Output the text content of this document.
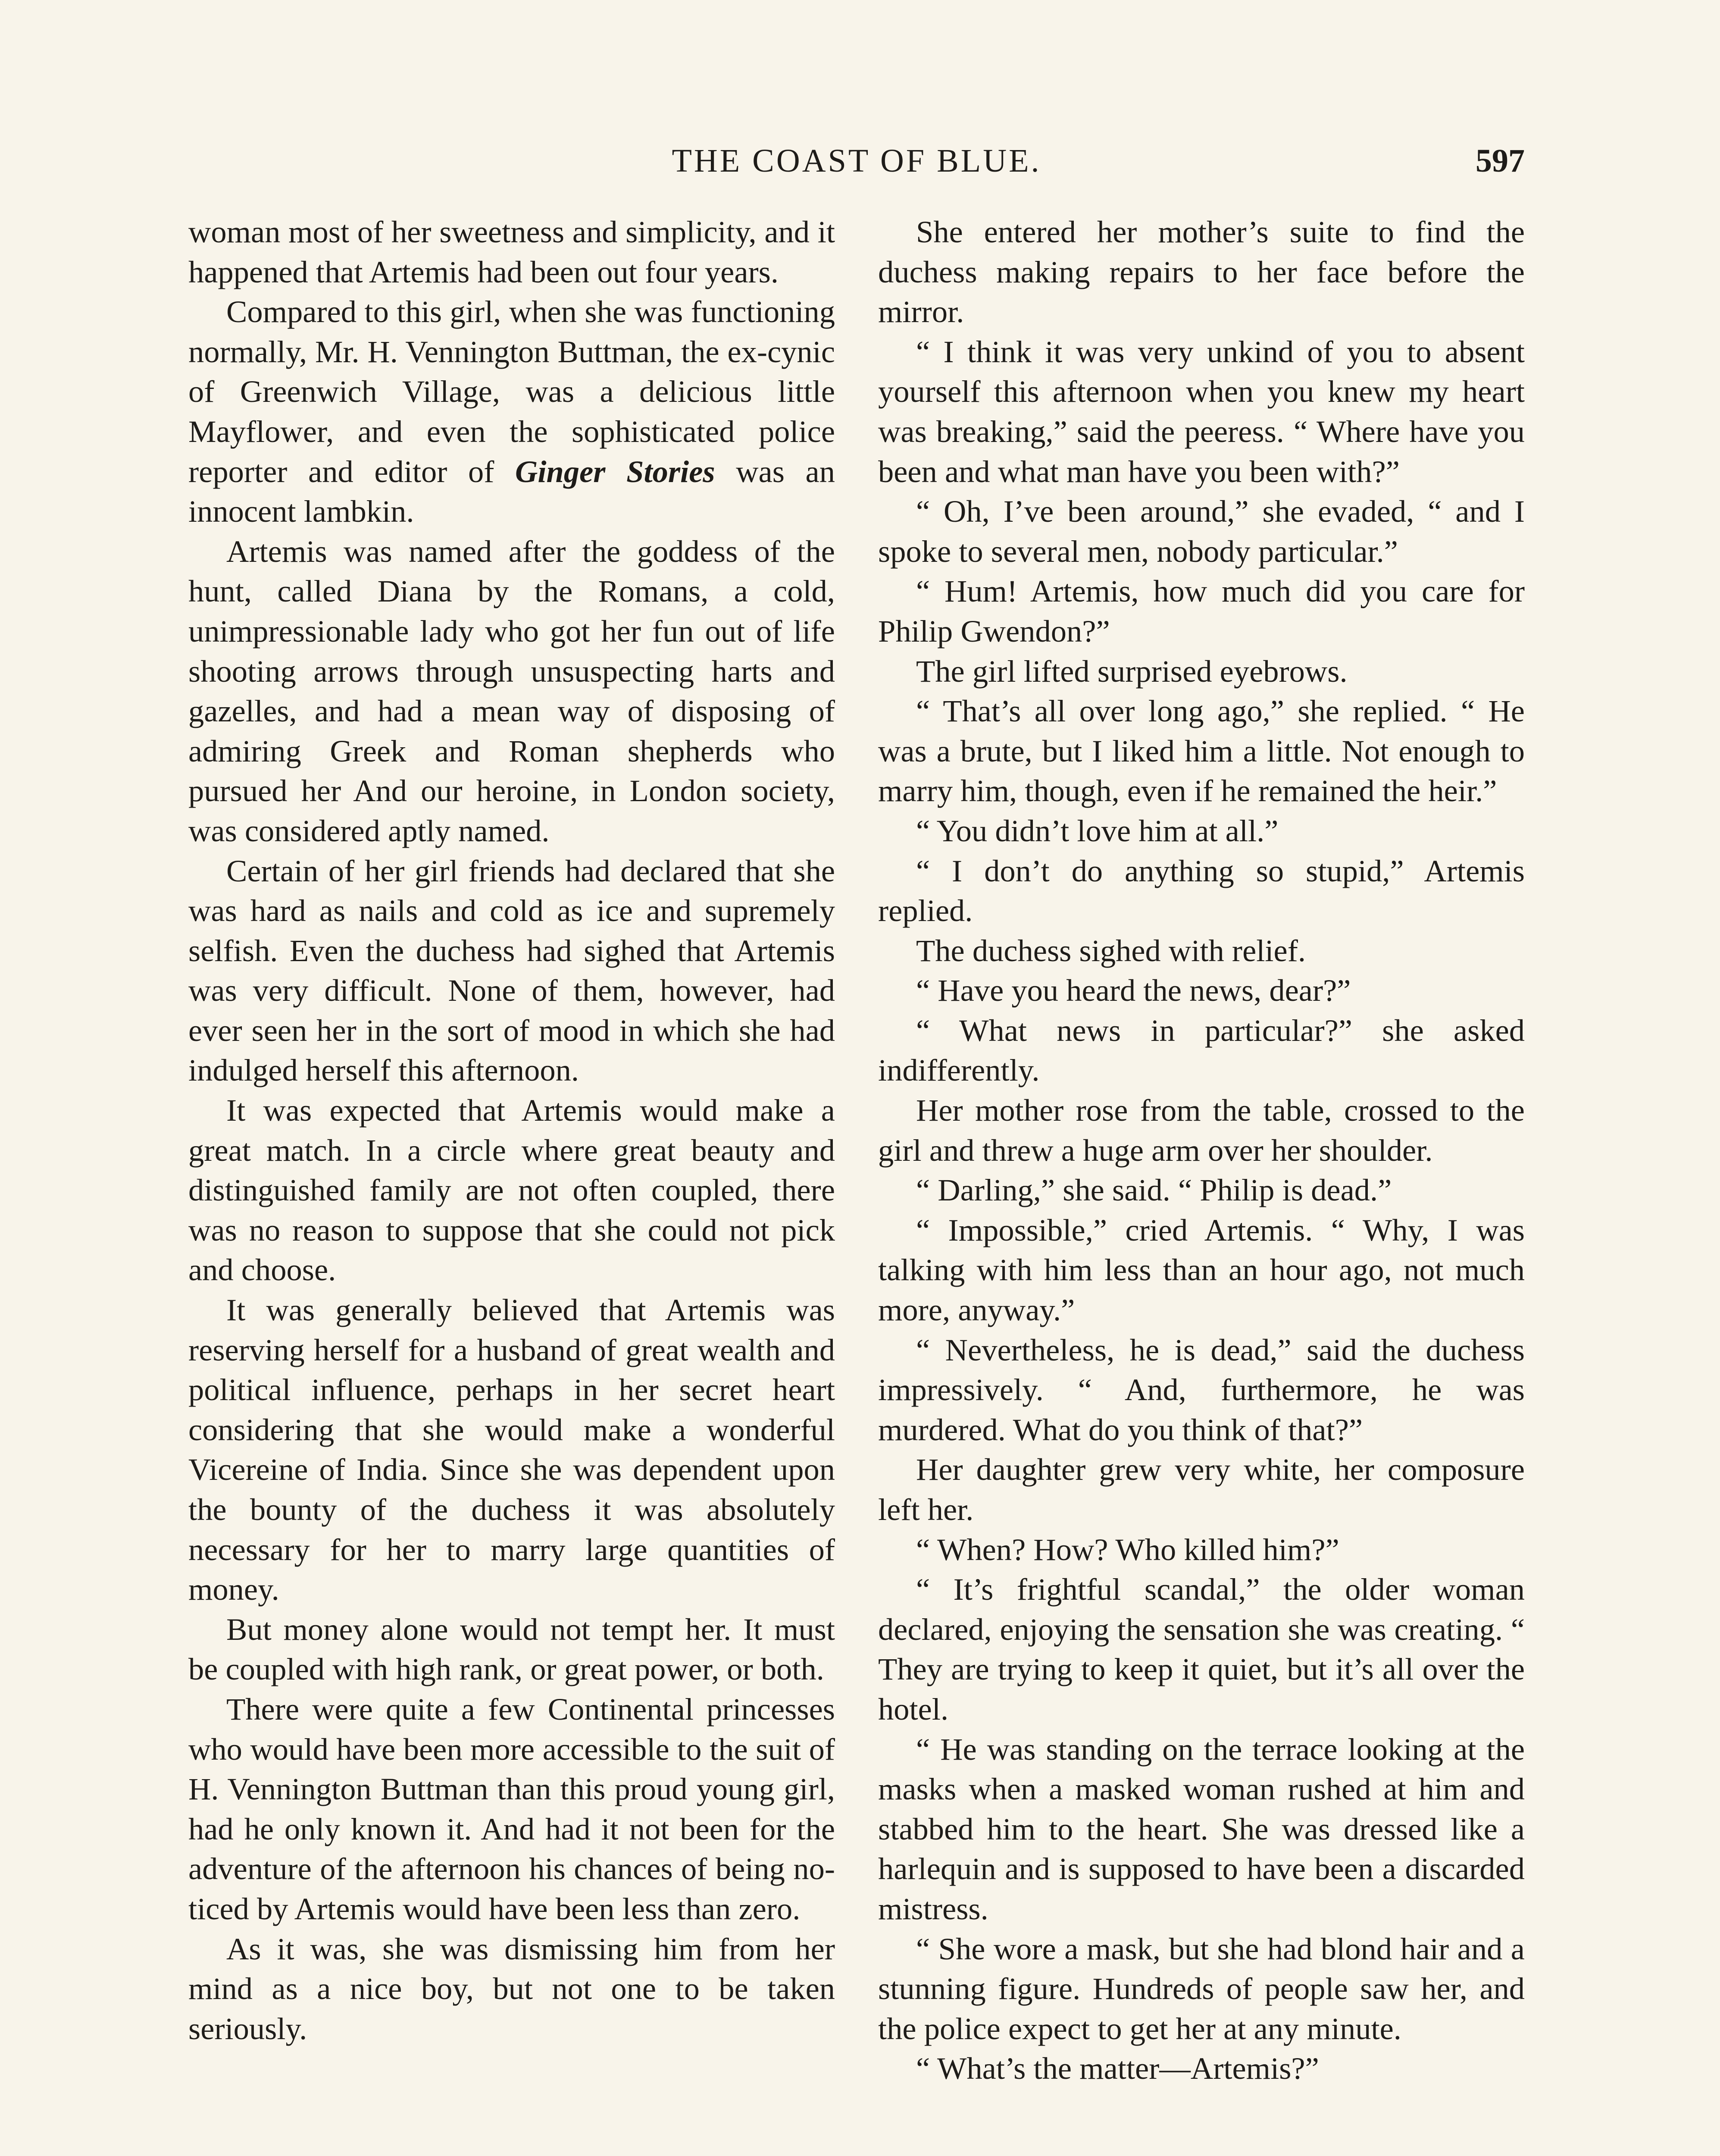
THE COAST OF BLUE.	597

woman most of her sweetness and simplicity, and it happened that Artemis had been out four years.

Compared to this girl, when she was functioning normally, Mr. H. Vennington Buttman, the ex-cynic of Greenwich Village, was a delicious little Mayflower, and even the sophisticated police reporter and editor of Ginger Stories was an innocent lambkin.

Artemis was named after the goddess of the hunt, called Diana by the Romans, a cold, unimpressionable lady who got her fun out of life shooting arrows through unsuspecting harts and gazelles, and had a mean way of disposing of admiring Greek and Roman shepherds who pursued her And our heroine, in London society, was considered aptly named.

Certain of her girl friends had declared that she was hard as nails and cold as ice and supremely selfish. Even the duchess had sighed that Artemis was very difficult. None of them, however, had ever seen her in the sort of mood in which she had indulged herself this afternoon.

It was expected that Artemis would make a great match. In a circle where great beauty and distinguished family are not often coupled, there was no reason to suppose that she could not pick and choose.

It was generally believed that Artemis was reserving herself for a husband of great wealth and political influence, perhaps in her secret heart considering that she would make a wonderful Vicereine of India. Since she was dependent upon the bounty of the duchess it was absolutely necessary for her to marry large quantities of money.

But money alone would not tempt her. It must be coupled with high rank, or great power, or both.

There were quite a few Continental princesses who would have been more accessible to the suit of H. Vennington Buttman than this proud young girl, had he only known it. And had it not been for the adventure of the afternoon his chances of being noticed by Artemis would have been less than zero.

As it was, she was dismissing him from her mind as a nice boy, but not one to be taken seriously.

She entered her mother’s suite to find the duchess making repairs to her face before the mirror.

“ I think it was very unkind of you to absent yourself this afternoon when you knew my heart was breaking,” said the peeress. “ Where have you been and what man have you been with?”

“ Oh, I’ve been around,” she evaded, “ and I spoke to several men, nobody particular.”

“ Hum! Artemis, how much did you care for Philip Gwendon?”

The girl lifted surprised eyebrows.

“ That’s all over long ago,” she replied. “ He was a brute, but I liked him a little. Not enough to marry him, though, even if he remained the heir.”

“ You didn’t love him at all.”

“ I don’t do anything so stupid,” Artemis replied.

The duchess sighed with relief.

“ Have you heard the news, dear?”

“ What news in particular?” she asked indifferently.

Her mother rose from the table, crossed to the girl and threw a huge arm over her shoulder.

“ Darling,” she said. “ Philip is dead.”

“ Impossible,” cried Artemis. “ Why, I was talking with him less than an hour ago, not much more, anyway.”

“ Nevertheless, he is dead,” said the duchess impressively. “ And, furthermore, he was murdered. What do you think of that?”

Her daughter grew very white, her composure left her.

“ When? How? Who killed him?”

“ It’s frightful scandal,” the older woman declared, enjoying the sensation she was creating. “ They are trying to keep it quiet, but it’s all over the hotel.

“ He was standing on the terrace looking at the masks when a masked woman rushed at him and stabbed him to the heart. She was dressed like a harlequin and is supposed to have been a discarded mistress.

“ She wore a mask, but she had blond hair and a stunning figure. Hundreds of people saw her, and the police expect to get her at any minute.

“ What’s the matter—Artemis?”
